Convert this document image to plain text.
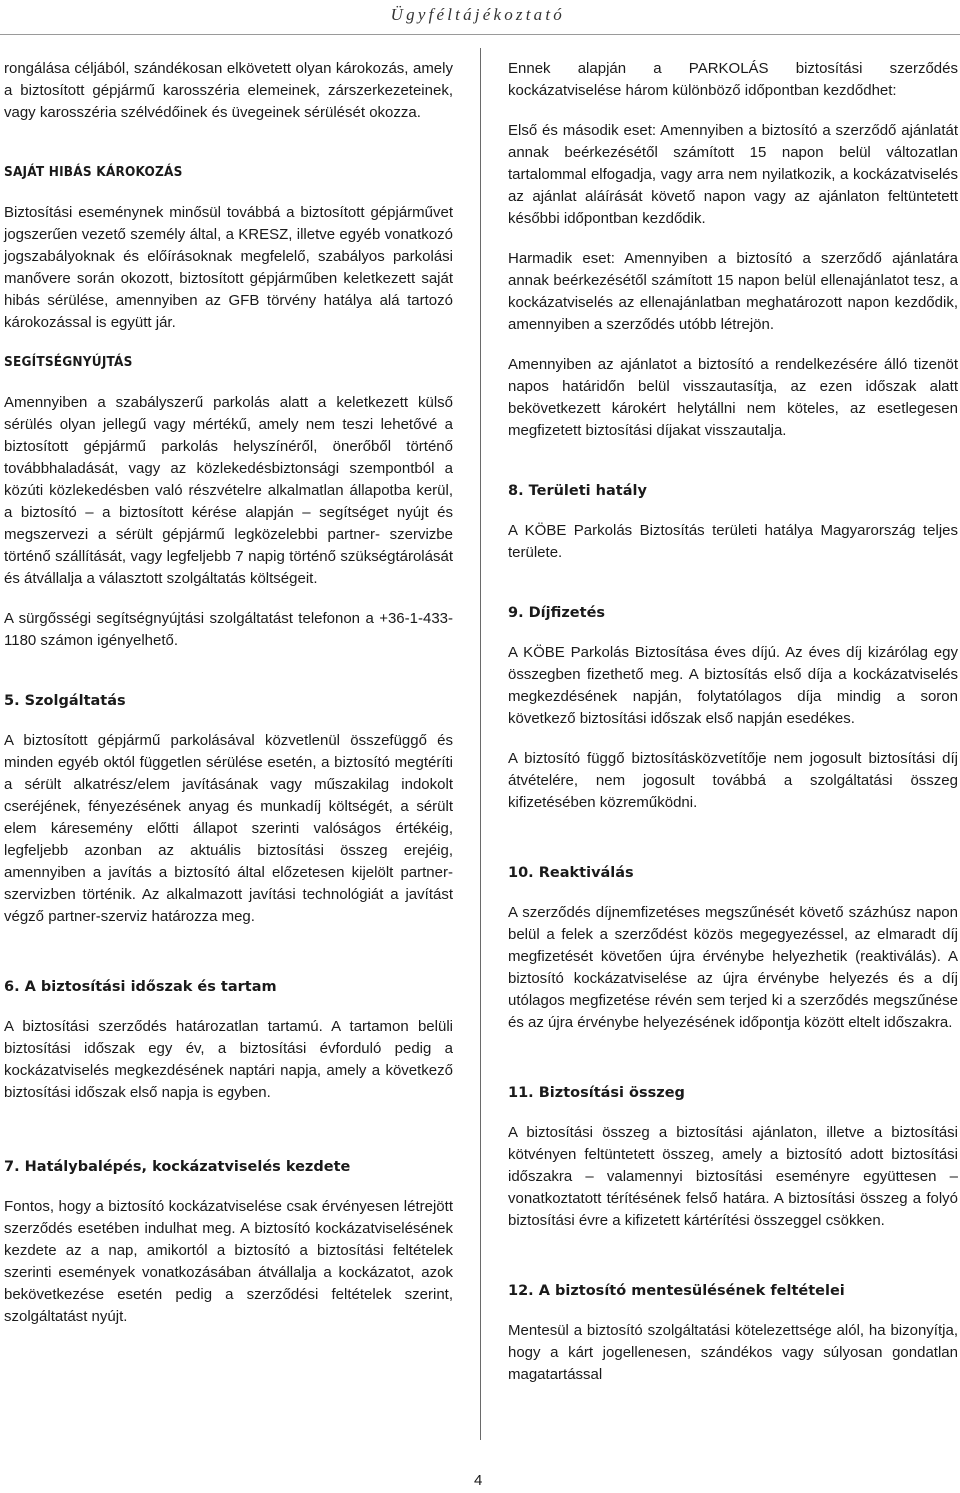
Ügyféltájékoztató

rongálása céljából, szándékosan elkövetett olyan károkozás, amely a biztosított gépjármű karosszéria elemeinek, zárszerkezeteinek, vagy karosszéria szélvédőinek és üvegeinek sérülését okozza.

SAJÁT HIBÁS KÁROKOZÁS

Biztosítási eseménynek minősül továbbá a biztosított gépjárművet jogszerűen vezető személy által, a KRESZ, illetve egyéb vonatkozó jogszabályoknak és előírásoknak megfelelő, szabályos parkolási manővere során okozott, biztosított gépjárműben keletkezett saját hibás sérülése, amennyiben az GFB törvény hatálya alá tartozó károkozással is együtt jár.

SEGÍTSÉGNYÚJTÁS

Amennyiben a szabályszerű parkolás alatt a keletkezett külső sérülés olyan jellegű vagy mértékű, amely nem teszi lehetővé a biztosított gépjármű parkolás helyszínéről, önerőből történő továbbhaladását, vagy az közlekedésbiztonsági szempontból a közúti közlekedésben való részvételre alkalmatlan állapotba kerül, a biztosító – a biztosított kérése alapján – segítséget nyújt és megszervezi a sérült gépjármű legközelebbi partner- szervizbe történő szállítását, vagy legfeljebb 7 napig történő szükségtárolását és átvállalja a választott szolgáltatás költségeit.

A sürgősségi segítségnyújtási szolgáltatást telefonon a +36-1-433-1180 számon igényelhető.

5. Szolgáltatás

A biztosított gépjármű parkolásával közvetlenül összefüggő és minden egyéb októl független sérülése esetén, a biztosító megtéríti a sérült alkatrész/elem javításának vagy műszakilag indokolt cseréjének, fényezésének anyag és munkadíj költségét, a sérült elem káresemény előtti állapot szerinti valóságos értékéig, legfeljebb azonban az aktuális biztosítási összeg erejéig, amennyiben a javítás a biztosító által előzetesen kijelölt partner-szervizben történik. Az alkalmazott javítási technológiát a javítást végző partner-szerviz határozza meg.

6. A biztosítási időszak és tartam

A biztosítási szerződés határozatlan tartamú. A tartamon belüli biztosítási időszak egy év, a biztosítási évforduló pedig a kockázatviselés megkezdésének naptári napja, amely a következő biztosítási időszak első napja is egyben.

7. Hatálybalépés, kockázatviselés kezdete

Fontos, hogy a biztosító kockázatviselése csak érvényesen létrejött szerződés esetében indulhat meg. A biztosító kockázatviselésének kezdete az a nap, amikortól a biztosító a biztosítási feltételek szerinti események vonatkozásában átvállalja a kockázatot, azok bekövetkezése esetén pedig a szerződési feltételek szerint, szolgáltatást nyújt.

Ennek alapján a PARKOLÁS biztosítási szerződés kockázatviselése három különböző időpontban kezdődhet:

Első és második eset: Amennyiben a biztosító a szerződő ajánlatát annak beérkezésétől számított 15 napon belül változatlan tartalommal elfogadja, vagy arra nem nyilatkozik, a kockázatviselés az ajánlat aláírását követő napon vagy az ajánlaton feltüntetett későbbi időpontban kezdődik.

Harmadik eset: Amennyiben a biztosító a szerződő ajánlatára annak beérkezésétől számított 15 napon belül ellenajánlatot tesz, a kockázatviselés az ellenajánlatban meghatározott napon kezdődik, amennyiben a szerződés utóbb létrejön.

Amennyiben az ajánlatot a biztosító a rendelkezésére álló tizenöt napos határidőn belül visszautasítja, az ezen időszak alatt bekövetkezett károkért helytállni nem köteles, az esetlegesen megfizetett biztosítási díjakat visszautalja.

8. Területi hatály

A KÖBE Parkolás Biztosítás területi hatálya Magyarország teljes területe.

9. Díjfizetés

A KÖBE Parkolás Biztosítása éves díjú. Az éves díj kizárólag egy összegben fizethető meg. A biztosítás első díja a kockázatviselés megkezdésének napján, folytatólagos díja mindig a soron következő biztosítási időszak első napján esedékes.

A biztosító függő biztosításközvetítője nem jogosult biztosítási díj átvételére, nem jogosult továbbá a szolgáltatási összeg kifizetésében közreműködni.

10. Reaktiválás

A szerződés díjnemfizetéses megszűnését követő százhúsz napon belül a felek a szerződést közös megegyezéssel, az elmaradt díj megfizetését követően újra érvénybe helyezhetik (reaktiválás). A biztosító kockázatviselése az újra érvénybe helyezés és a díj utólagos megfizetése révén sem terjed ki a szerződés megszűnése és az újra érvénybe helyezésének időpontja között eltelt időszakra.

11. Biztosítási összeg

A biztosítási összeg a biztosítási ajánlaton, illetve a biztosítási kötvényen feltüntetett összeg, amely a biztosító adott biztosítási időszakra – valamennyi biztosítási eseményre együttesen – vonatkoztatott térítésének felső határa. A biztosítási összeg a folyó biztosítási évre a kifizetett kártérítési összeggel csökken.

12. A biztosító mentesülésének feltételei

Mentesül a biztosító szolgáltatási kötelezettsége alól, ha bizonyítja, hogy a kárt jogellenesen, szándékos vagy súlyosan gondatlan magatartással

4
